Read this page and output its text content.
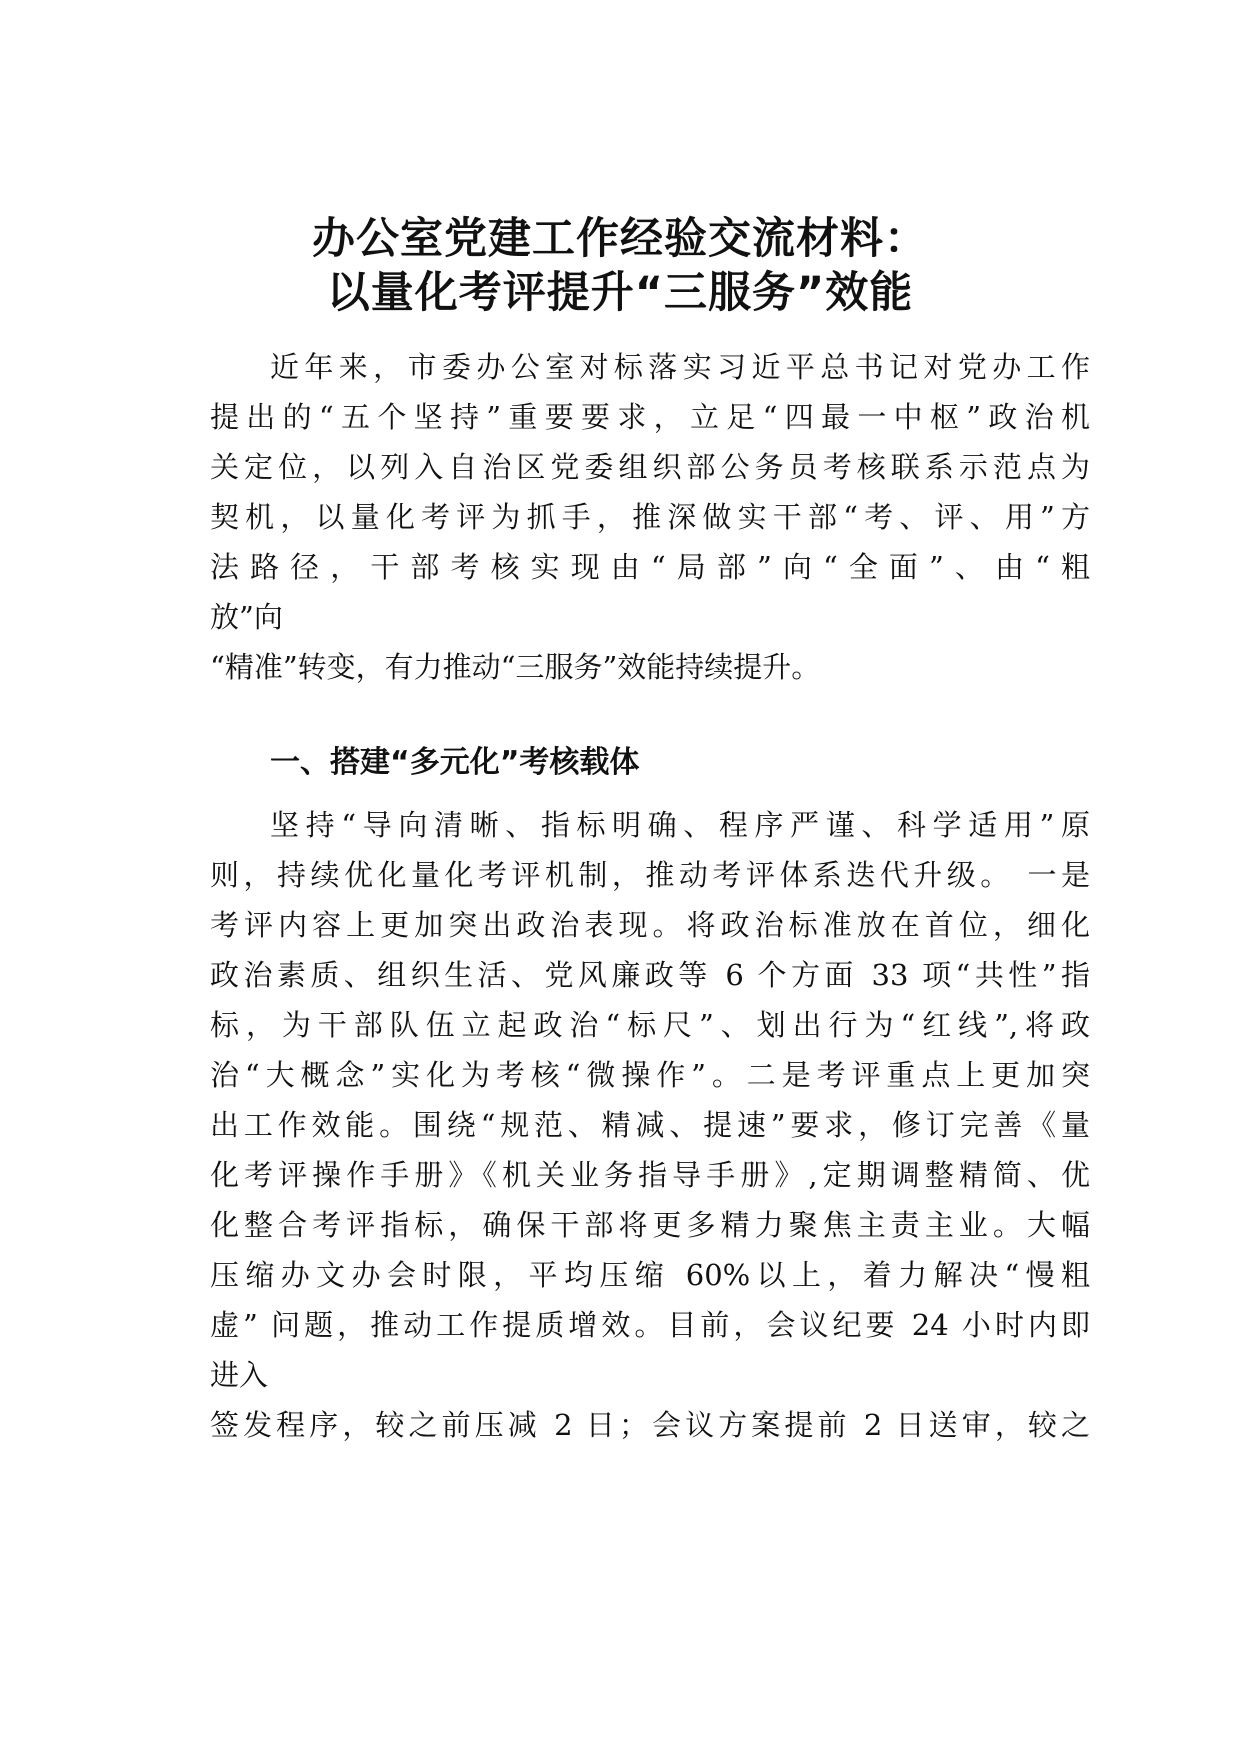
办公室党建工作经验交流材料：
以量化考评提升“三服务”效能
近年来，市委办公室对标落实习近平总书记对党办工作
提出的“五个坚持”重要要求，立足“四最一中枢”政治机
关定位，以列入自治区党委组织部公务员考核联系示范点为
契机，以量化考评为抓手，推深做实干部“考、评、用”方
法路径，干部考核实现由“局部”向“全面”、由“粗
放”向
“精准”转变，有力推动“三服务”效能持续提升。
一、搭建“多元化”考核载体
坚持“导向清晰、指标明确、程序严谨、科学适用”原
则，持续优化量化考评机制，推动考评体系迭代升级。 一是
考评内容上更加突出政治表现。将政治标准放在首位，细化
政治素质、组织生活、党风廉政等 6 个方面 33 项“共性”指
标，为干部队伍立起政治“标尺”、划出行为“红线”,将政
治“大概念”实化为考核“微操作”。二是考评重点上更加突
出工作效能。围绕“规范、精减、提速”要求，修订完善《量
化考评操作手册》《机关业务指导手册》,定期调整精简、优
化整合考评指标，确保干部将更多精力聚焦主责主业。大幅
压缩办文办会时限，平均压缩 60%以上，着力解决“慢粗
虚” 问题，推动工作提质增效。目前，会议纪要 24 小时内即
进入
签发程序，较之前压减 2 日；会议方案提前 2 日送审，较之
